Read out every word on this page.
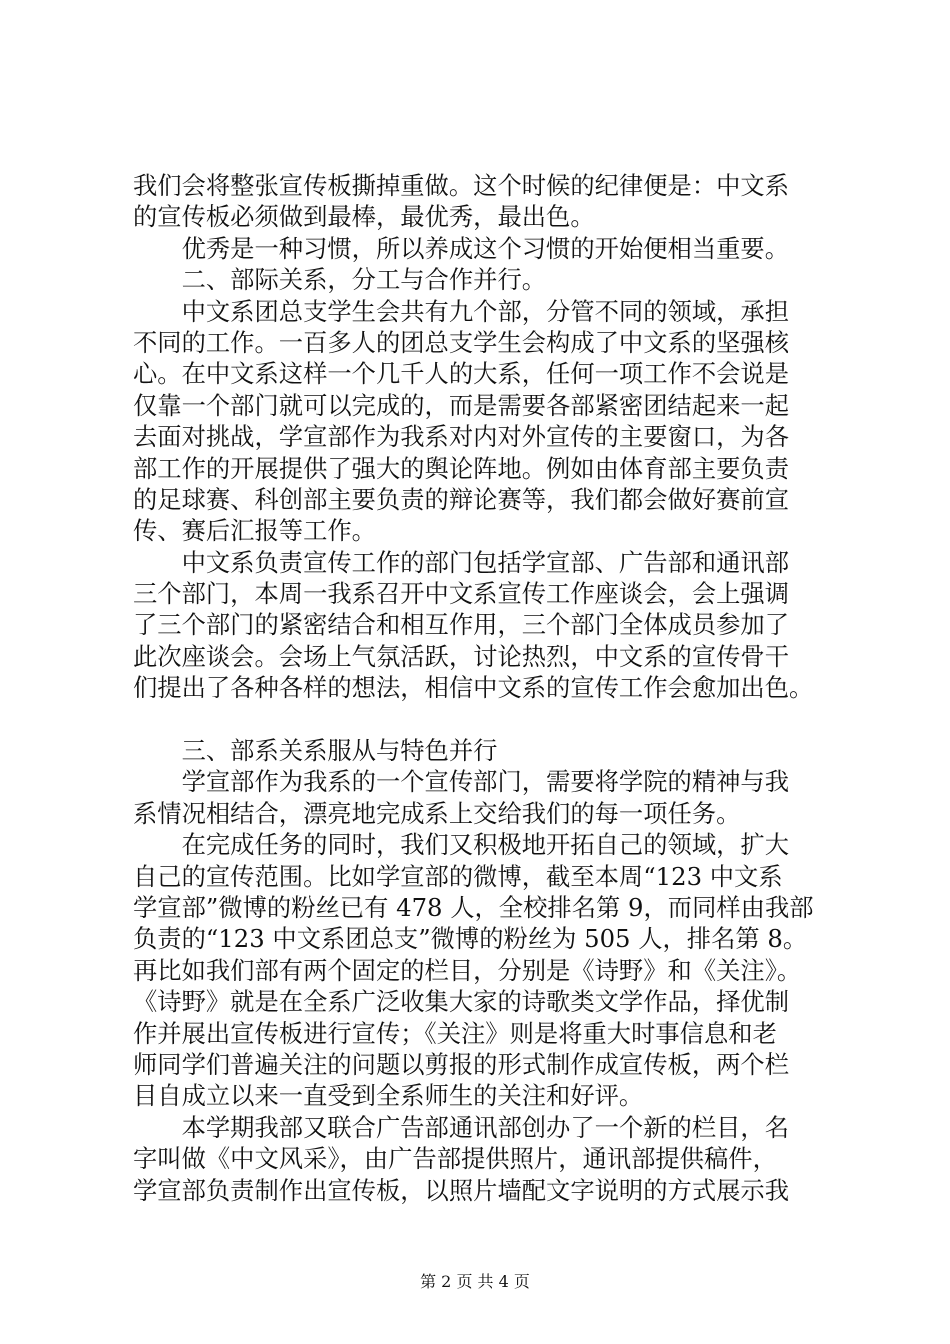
我们会将整张宣传板撕掉重做。这个时候的纪律便是：中文系
的宣传板必须做到最棒，最优秀，最出色。
　　优秀是一种习惯，所以养成这个习惯的开始便相当重要。
　　二、部际关系，分工与合作并行。
　　中文系团总支学生会共有九个部，分管不同的领域，承担
不同的工作。一百多人的团总支学生会构成了中文系的坚强核
心。在中文系这样一个几千人的大系，任何一项工作不会说是
仅靠一个部门就可以完成的，而是需要各部紧密团结起来一起
去面对挑战，学宣部作为我系对内对外宣传的主要窗口，为各
部工作的开展提供了强大的舆论阵地。例如由体育部主要负责
的足球赛、科创部主要负责的辩论赛等，我们都会做好赛前宣
传、赛后汇报等工作。
　　中文系负责宣传工作的部门包括学宣部、广告部和通讯部
三个部门，本周一我系召开中文系宣传工作座谈会，会上强调
了三个部门的紧密结合和相互作用，三个部门全体成员参加了
此次座谈会。会场上气氛活跃，讨论热烈，中文系的宣传骨干
们提出了各种各样的想法，相信中文系的宣传工作会愈加出色。
　　三、部系关系服从与特色并行
　　学宣部作为我系的一个宣传部门，需要将学院的精神与我
系情况相结合，漂亮地完成系上交给我们的每一项任务。
　　在完成任务的同时，我们又积极地开拓自己的领域，扩大
自己的宣传范围。比如学宣部的微博，截至本周“123 中文系
学宣部”微博的粉丝已有 478 人，全校排名第 9，而同样由我部
负责的“123 中文系团总支”微博的粉丝为 505 人，排名第 8。
再比如我们部有两个固定的栏目，分别是《诗野》和《关注》。
《诗野》就是在全系广泛收集大家的诗歌类文学作品，择优制
作并展出宣传板进行宣传；《关注》则是将重大时事信息和老
师同学们普遍关注的问题以剪报的形式制作成宣传板，两个栏
目自成立以来一直受到全系师生的关注和好评。
　　本学期我部又联合广告部通讯部创办了一个新的栏目，名
字叫做《中文风采》，由广告部提供照片，通讯部提供稿件，
学宣部负责制作出宣传板，以照片墙配文字说明的方式展示我
第 2 页 共 4 页
